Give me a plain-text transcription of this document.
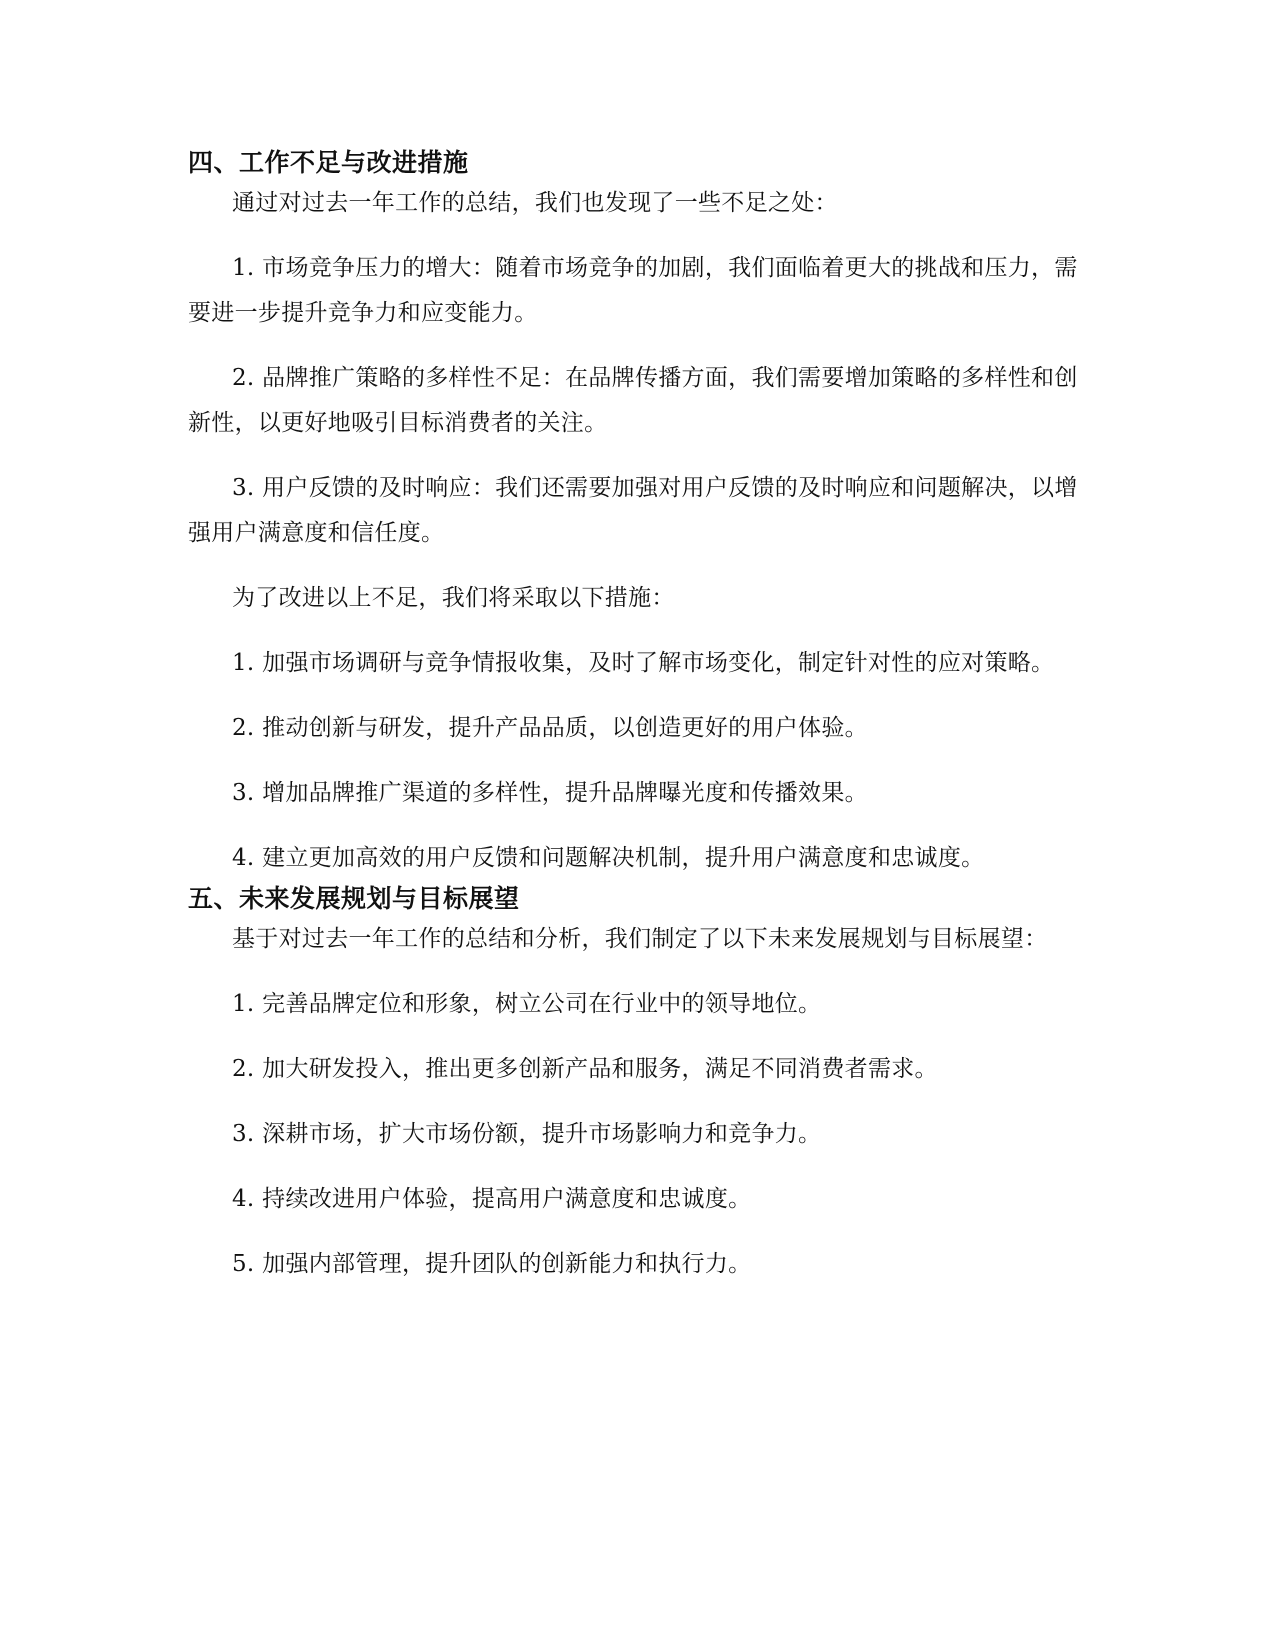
四、工作不足与改进措施

通过对过去一年工作的总结，我们也发现了一些不足之处：

1. 市场竞争压力的增大：随着市场竞争的加剧，我们面临着更大的挑战和压力，需要进一步提升竞争力和应变能力。

2. 品牌推广策略的多样性不足：在品牌传播方面，我们需要增加策略的多样性和创新性，以更好地吸引目标消费者的关注。

3. 用户反馈的及时响应：我们还需要加强对用户反馈的及时响应和问题解决，以增强用户满意度和信任度。

为了改进以上不足，我们将采取以下措施：

1. 加强市场调研与竞争情报收集，及时了解市场变化，制定针对性的应对策略。

2. 推动创新与研发，提升产品品质，以创造更好的用户体验。

3. 增加品牌推广渠道的多样性，提升品牌曝光度和传播效果。

4. 建立更加高效的用户反馈和问题解决机制，提升用户满意度和忠诚度。

五、未来发展规划与目标展望

基于对过去一年工作的总结和分析，我们制定了以下未来发展规划与目标展望：

1. 完善品牌定位和形象，树立公司在行业中的领导地位。

2. 加大研发投入，推出更多创新产品和服务，满足不同消费者需求。

3. 深耕市场，扩大市场份额，提升市场影响力和竞争力。

4. 持续改进用户体验，提高用户满意度和忠诚度。

5. 加强内部管理，提升团队的创新能力和执行力。
